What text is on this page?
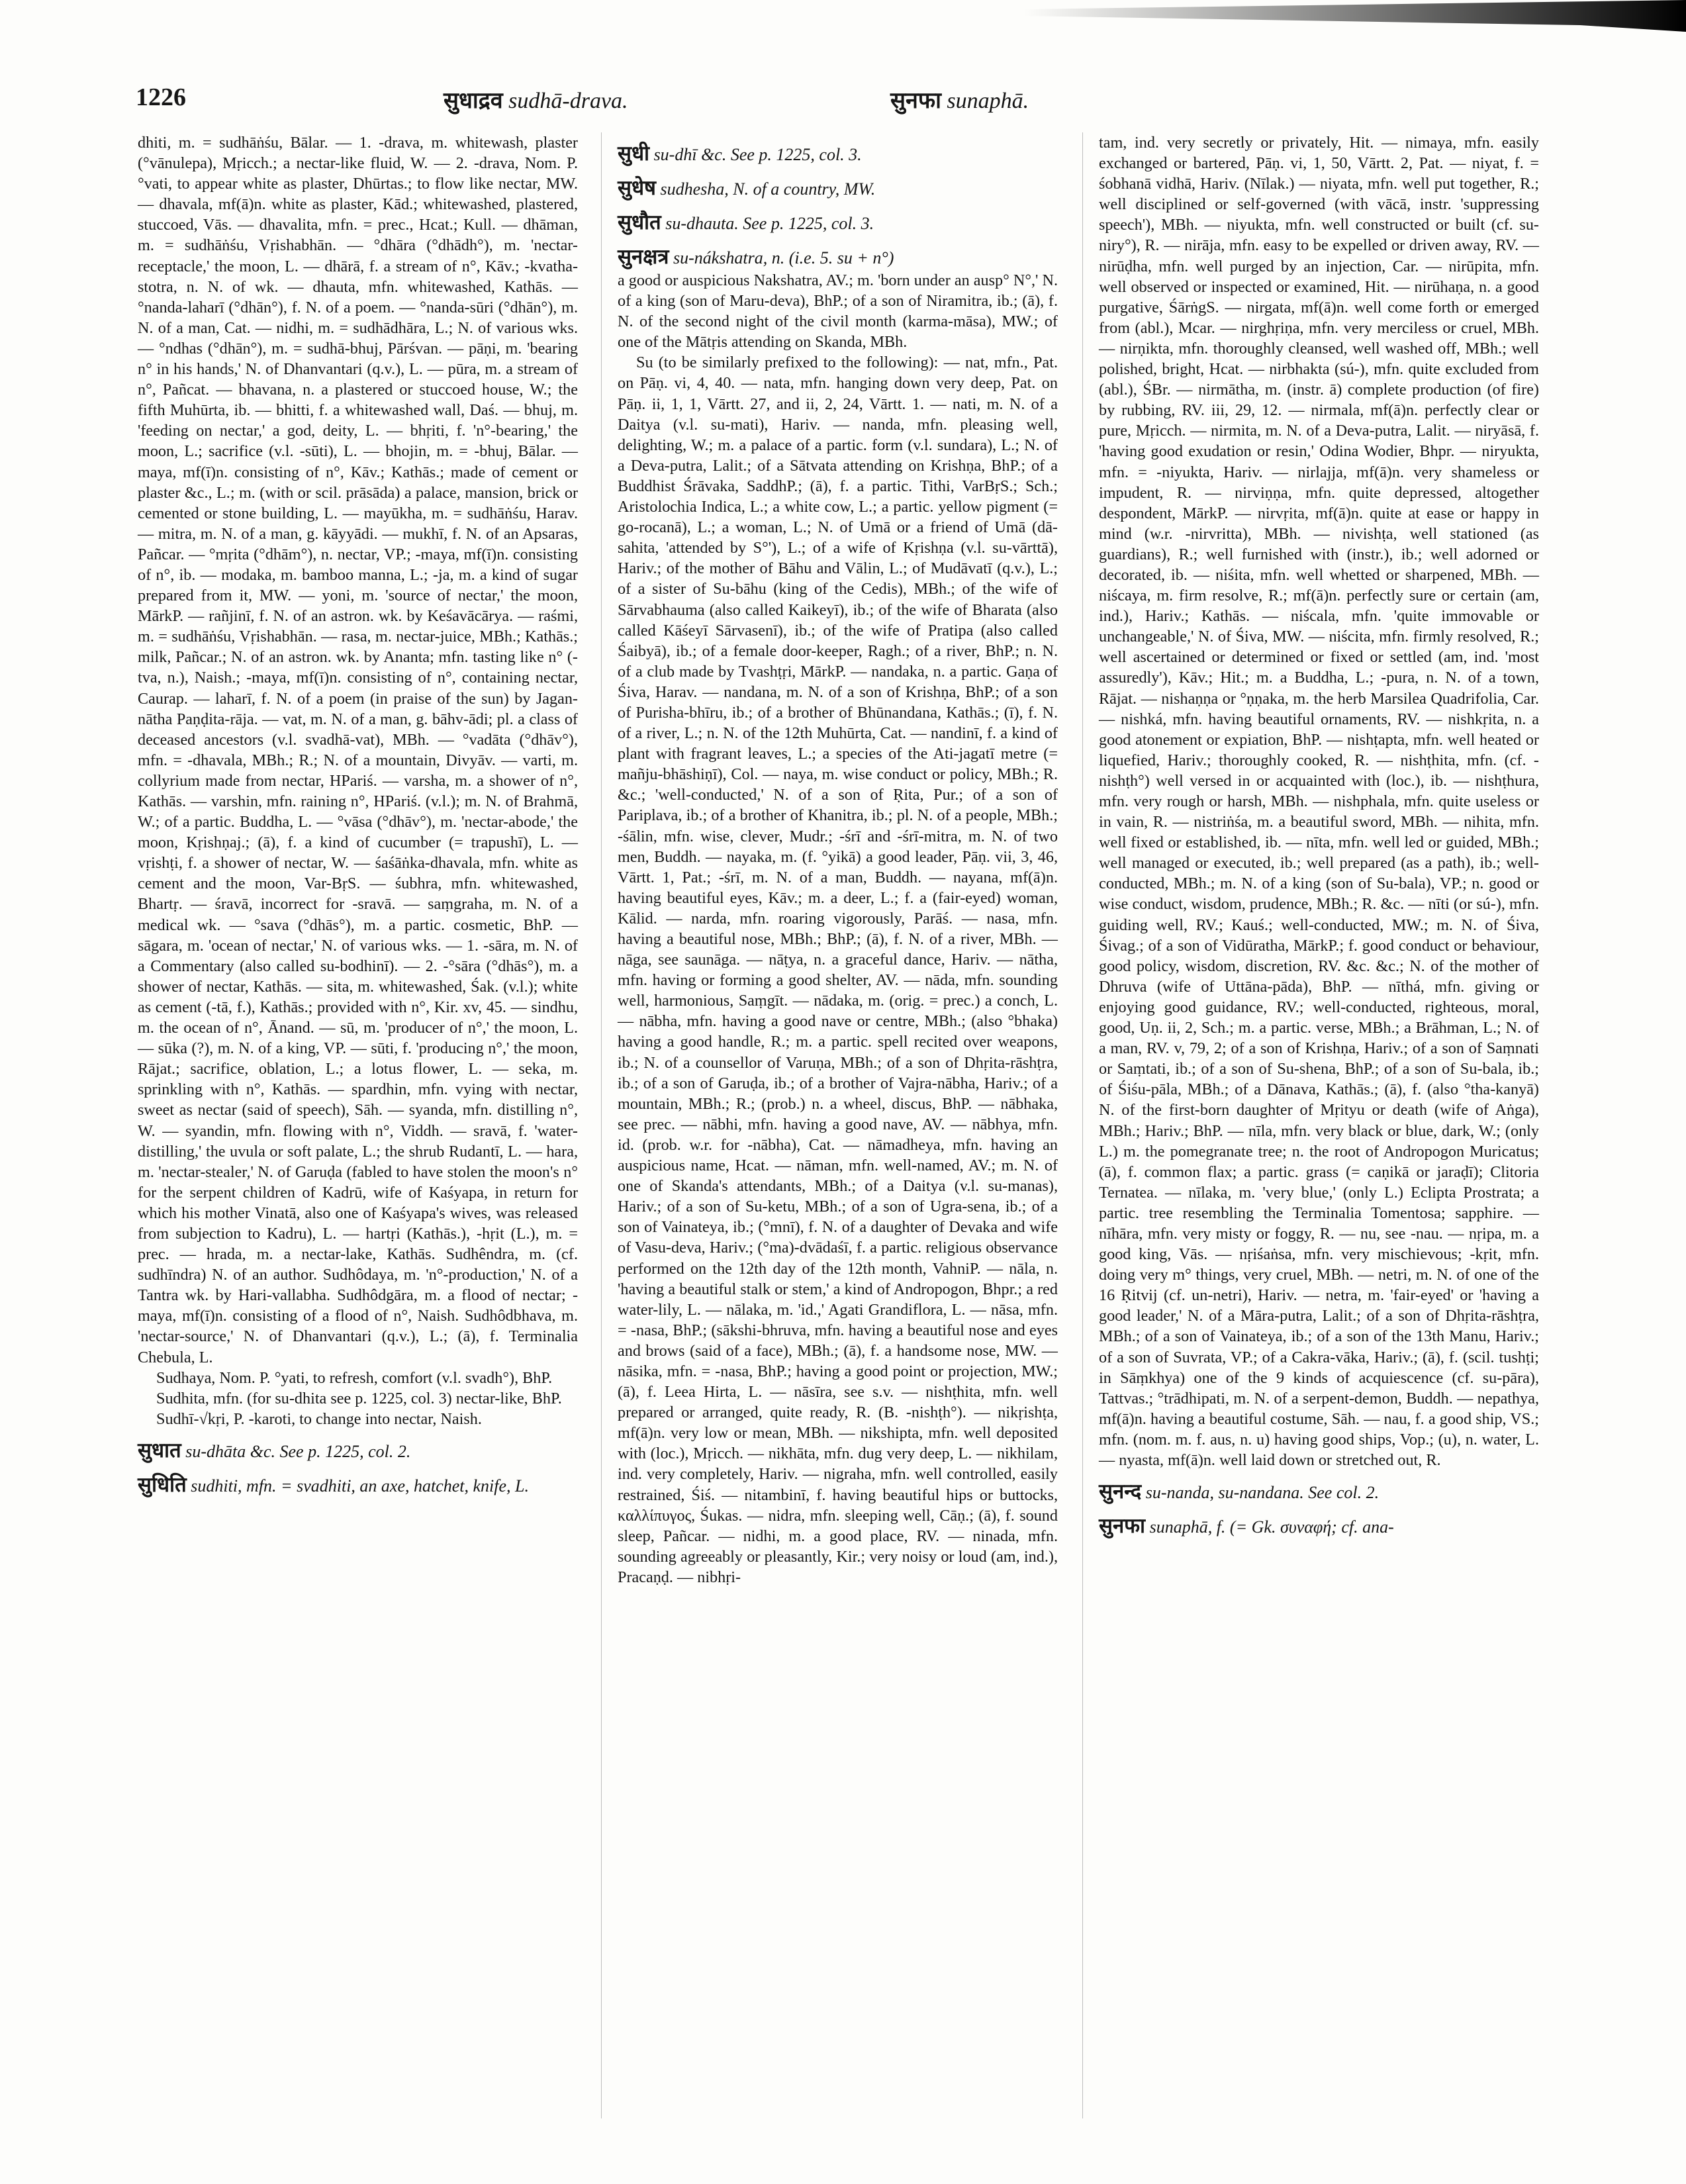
1226	सुधाद्रव sudhā-drava.	सुनफा sunaphā.

dhiti, m. = sudhāṅśu, Bālar. — 1. -drava, m. whitewash, plaster (°vānulepa), Mṛicch.; a nectar-like fluid, W. — 2. -drava, Nom. P. °vati, to appear white as plaster, Dhūrtas.; to flow like nectar, MW. — dhavala, mf(ā)n. white as plaster, Kād.; whitewashed, plastered, stuccoed, Vās. — dhavalita, mfn. = prec., Hcat.; Kull. — dhāman, m. = sudhāṅśu, Vṛishabhān. — °dhāra (°dhādh°), m. 'nectar-receptacle,' the moon, L. — dhārā, f. a stream of n°, Kāv.; -kvatha-stotra, n. N. of wk. — dhauta, mfn. whitewashed, Kathās. — °nanda-laharī (°dhān°), f. N. of a poem. — °nanda-sūri (°dhān°), m. N. of a man, Cat. — nidhi, m. = sudhādhāra, L.; N. of various wks. — °ndhas (°dhān°), m. = sudhā-bhuj, Pārśvan. — pāṇi, m. 'bearing n° in his hands,' N. of Dhanvantari (q.v.), L. — pūra, m. a stream of n°, Pañcat. — bhavana, n. a plastered or stuccoed house, W.; the fifth Muhūrta, ib. — bhitti, f. a whitewashed wall, Daś. — bhuj, m. 'feeding on nectar,' a god, deity, L. — bhṛiti, f. 'n°-bearing,' the moon, L.; sacrifice (v.l. -sūti), L. — bhojin, m. = -bhuj, Bālar. — maya, mf(ī)n. consisting of n°, Kāv.; Kathās.; made of cement or plaster &c., L.; m. (with or scil. prāsāda) a palace, mansion, brick or cemented or stone building, L. — mayūkha, m. = sudhāṅśu, Harav. — mitra, m. N. of a man, g. kāyyādi. — mukhī, f. N. of an Apsaras, Pañcar. — °mṛita (°dhām°), n. nectar, VP.; -maya, mf(ī)n. consisting of n°, ib. — modaka, m. bamboo manna, L.; -ja, m. a kind of sugar prepared from it, MW. — yoni, m. 'source of nectar,' the moon, MārkP. — rañjinī, f. N. of an astron. wk. by Keśavācārya. — raśmi, m. = sudhāṅśu, Vṛishabhān. — rasa, m. nectar-juice, MBh.; Kathās.; milk, Pañcar.; N. of an astron. wk. by Ananta; mfn. tasting like n° (-tva, n.), Naish.; -maya, mf(ī)n. consisting of n°, containing nectar, Caurap. — laharī, f. N. of a poem (in praise of the sun) by Jagan-nātha Paṇḍita-rāja. — vat, m. N. of a man, g. bāhv-ādi; pl. a class of deceased ancestors (v.l. svadhā-vat), MBh. — °vadāta (°dhāv°), mfn. = -dhavala, MBh.; R.; N. of a mountain, Divyāv. — varti, m. collyrium made from nectar, HPariś. — varsha, m. a shower of n°, Kathās. — varshin, mfn. raining n°, HPariś. (v.l.); m. N. of Brahmā, W.; of a partic. Buddha, L. — °vāsa (°dhāv°), m. 'nectar-abode,' the moon, Kṛishṇaj.; (ā), f. a kind of cucumber (= trapushī), L. — vṛishṭi, f. a shower of nectar, W. — śaśāṅka-dhavala, mfn. white as cement and the moon, Var-BṛS. — śubhra, mfn. whitewashed, Bhartṛ. — śravā, incorrect for -sravā. — saṃgraha, m. N. of a medical wk. — °sava (°dhās°), m. a partic. cosmetic, BhP. — sāgara, m. 'ocean of nectar,' N. of various wks. — 1. -sāra, m. N. of a Commentary (also called su-bodhinī). — 2. -°sāra (°dhās°), m. a shower of nectar, Kathās. — sita, m. whitewashed, Śak. (v.l.); white as cement (-tā, f.), Kathās.; provided with n°, Kir. xv, 45. — sindhu, m. the ocean of n°, Ānand. — sū, m. 'producer of n°,' the moon, L. — sūka (?), m. N. of a king, VP. — sūti, f. 'producing n°,' the moon, Rājat.; sacrifice, oblation, L.; a lotus flower, L. — seka, m. sprinkling with n°, Kathās. — spardhin, mfn. vying with nectar, sweet as nectar (said of speech), Sāh. — syanda, mfn. distilling n°, W. — syandin, mfn. flowing with n°, Viddh. — sravā, f. 'water-distilling,' the uvula or soft palate, L.; the shrub Rudantī, L. — hara, m. 'nectar-stealer,' N. of Garuḍa (fabled to have stolen the moon's n° for the serpent children of Kadrū, wife of Kaśyapa, in return for which his mother Vinatā, also one of Kaśyapa's wives, was released from subjection to Kadru), L. — hartṛi (Kathās.), -hṛit (L.), m. = prec. — hrada, m. a nectar-lake, Kathās. Sudhêndra, m. (cf. sudhīndra) N. of an author. Sudhôdaya, m. 'n°-production,' N. of a Tantra wk. by Hari-vallabha. Sudhôdgāra, m. a flood of nectar; -maya, mf(ī)n. consisting of a flood of n°, Naish. Sudhôdbhava, m. 'nectar-source,' N. of Dhanvantari (q.v.), L.; (ā), f. Terminalia Chebula, L.

Sudhaya, Nom. P. °yati, to refresh, comfort (v.l. svadh°), BhP.

Sudhita, mfn. (for su-dhita see p. 1225, col. 3) nectar-like, BhP.

Sudhī-√kṛi, P. -karoti, to change into nectar, Naish.

सुधात su-dhāta &c. See p. 1225, col. 2.

सुधिति sudhiti, mfn. = svadhiti, an axe, hatchet, knife, L.

सुधी su-dhī &c. See p. 1225, col. 3.

सुधेष sudhesha, N. of a country, MW.

सुधौत su-dhauta. See p. 1225, col. 3.

सुनक्षत्र su-nákshatra, n. (i.e. 5. su + n°)

a good or auspicious Nakshatra, AV.; m. 'born under an ausp° N°,' N. of a king (son of Maru-deva), BhP.; of a son of Niramitra, ib.; (ā), f. N. of the second night of the civil month (karma-māsa), MW.; of one of the Mātṛis attending on Skanda, MBh.

Su (to be similarly prefixed to the following): — nat, mfn., Pat. on Pāṇ. vi, 4, 40. — nata, mfn. hanging down very deep, Pat. on Pāṇ. ii, 1, 1, Vārtt. 27, and ii, 2, 24, Vārtt. 1. — nati, m. N. of a Daitya (v.l. su-mati), Hariv. — nanda, mfn. pleasing well, delighting, W.; m. a palace of a partic. form (v.l. sundara), L.; N. of a Deva-putra, Lalit.; of a Sātvata attending on Krishṇa, BhP.; of a Buddhist Śrāvaka, SaddhP.; (ā), f. a partic. Tithi, VarBṛS.; Sch.; Aristolochia Indica, L.; a white cow, L.; a partic. yellow pigment (= go-rocanā), L.; a woman, L.; N. of Umā or a friend of Umā (dā-sahita, 'attended by S°'), L.; of a wife of Kṛishṇa (v.l. su-vārttā), Hariv.; of the mother of Bāhu and Vālin, L.; of Mudāvatī (q.v.), L.; of a sister of Su-bāhu (king of the Cedis), MBh.; of the wife of Sārvabhauma (also called Kaikeyī), ib.; of the wife of Bharata (also called Kāśeyī Sārvasenī), ib.; of the wife of Pratipa (also called Śaibyā), ib.; of a female door-keeper, Ragh.; of a river, BhP.; n. N. of a club made by Tvashṭṛi, MārkP. — nandaka, n. a partic. Gaṇa of Śiva, Harav. — nandana, m. N. of a son of Krishṇa, BhP.; of a son of Purisha-bhīru, ib.; of a brother of Bhūnandana, Kathās.; (ī), f. N. of a river, L.; n. N. of the 12th Muhūrta, Cat. — nandinī, f. a kind of plant with fragrant leaves, L.; a species of the Ati-jagatī metre (= mañju-bhāshiṇī), Col. — naya, m. wise conduct or policy, MBh.; R. &c.; 'well-conducted,' N. of a son of Ṛita, Pur.; of a son of Pariplava, ib.; of a brother of Khanitra, ib.; pl. N. of a people, MBh.; -śālin, mfn. wise, clever, Mudr.; -śrī and -śrī-mitra, m. N. of two men, Buddh. — nayaka, m. (f. °yikā) a good leader, Pāṇ. vii, 3, 46, Vārtt. 1, Pat.; -śrī, m. N. of a man, Buddh. — nayana, mf(ā)n. having beautiful eyes, Kāv.; m. a deer, L.; f. a (fair-eyed) woman, Kālid. — narda, mfn. roaring vigorously, Parāś. — nasa, mfn. having a beautiful nose, MBh.; BhP.; (ā), f. N. of a river, MBh. — nāga, see saunāga. — nāṭya, n. a graceful dance, Hariv. — nātha, mfn. having or forming a good shelter, AV. — nāda, mfn. sounding well, harmonious, Saṃgīt. — nādaka, m. (orig. = prec.) a conch, L. — nābha, mfn. having a good nave or centre, MBh.; (also °bhaka) having a good handle, R.; m. a partic. spell recited over weapons, ib.; N. of a counsellor of Varuṇa, MBh.; of a son of Dhṛita-rāshṭra, ib.; of a son of Garuḍa, ib.; of a brother of Vajra-nābha, Hariv.; of a mountain, MBh.; R.; (prob.) n. a wheel, discus, BhP. — nābhaka, see prec. — nābhi, mfn. having a good nave, AV. — nābhya, mfn. id. (prob. w.r. for -nābha), Cat. — nāmadheya, mfn. having an auspicious name, Hcat. — nāman, mfn. well-named, AV.; m. N. of one of Skanda's attendants, MBh.; of a Daitya (v.l. su-manas), Hariv.; of a son of Su-ketu, MBh.; of a son of Ugra-sena, ib.; of a son of Vainateya, ib.; (°mnī), f. N. of a daughter of Devaka and wife of Vasu-deva, Hariv.; (°ma)-dvādaśī, f. a partic. religious observance performed on the 12th day of the 12th month, VahniP. — nāla, n. 'having a beautiful stalk or stem,' a kind of Andropogon, Bhpr.; a red water-lily, L. — nālaka, m. 'id.,' Agati Grandiflora, L. — nāsa, mfn. = -nasa, BhP.; (sākshi-bhruva, mfn. having a beautiful nose and eyes and brows (said of a face), MBh.; (ā), f. a handsome nose, MW. — nāsika, mfn. = -nasa, BhP.; having a good point or projection, MW.; (ā), f. Leea Hirta, L. — nāsīra, see s.v. — nishṭhita, mfn. well prepared or arranged, quite ready, R. (B. -nishṭh°). — nikṛishṭa, mf(ā)n. very low or mean, MBh. — nikshipta, mfn. well deposited with (loc.), Mṛicch. — nikhāta, mfn. dug very deep, L. — nikhilam, ind. very completely, Hariv. — nigraha, mfn. well controlled, easily restrained, Śiś. — nitambinī, f. having beautiful hips or buttocks, καλλίπυγος, Śukas. — nidra, mfn. sleeping well, Cāṇ.; (ā), f. sound sleep, Pañcar. — nidhi, m. a good place, RV. — ninada, mfn. sounding agreeably or pleasantly, Kir.; very noisy or loud (am, ind.), Pracaṇḍ. — nibhṛi-

tam, ind. very secretly or privately, Hit. — nimaya, mfn. easily exchanged or bartered, Pāṇ. vi, 1, 50, Vārtt. 2, Pat. — niyat, f. = śobhanā vidhā, Hariv. (Nīlak.) — niyata, mfn. well put together, R.; well disciplined or self-governed (with vācā, instr. 'suppressing speech'), MBh. — niyukta, mfn. well constructed or built (cf. su-niry°), R. — nirāja, mfn. easy to be expelled or driven away, RV. — nirūḍha, mfn. well purged by an injection, Car. — nirūpita, mfn. well observed or inspected or examined, Hit. — nirūhaṇa, n. a good purgative, ŚārṅgS. — nirgata, mf(ā)n. well come forth or emerged from (abl.), Mcar. — nirghṛiṇa, mfn. very merciless or cruel, MBh. — nirṇikta, mfn. thoroughly cleansed, well washed off, MBh.; well polished, bright, Hcat. — nirbhakta (sú-), mfn. quite excluded from (abl.), ŚBr. — nirmātha, m. (instr. ā) complete production (of fire) by rubbing, RV. iii, 29, 12. — nirmala, mf(ā)n. perfectly clear or pure, Mṛicch. — nirmita, m. N. of a Deva-putra, Lalit. — niryāsā, f. 'having good exudation or resin,' Odina Wodier, Bhpr. — niryukta, mfn. = -niyukta, Hariv. — nirlajja, mf(ā)n. very shameless or impudent, R. — nirviṇṇa, mfn. quite depressed, altogether despondent, MārkP. — nirvṛita, mf(ā)n. quite at ease or happy in mind (w.r. -nirvritta), MBh. — nivishṭa, well stationed (as guardians), R.; well furnished with (instr.), ib.; well adorned or decorated, ib. — niśita, mfn. well whetted or sharpened, MBh. — niścaya, m. firm resolve, R.; mf(ā)n. perfectly sure or certain (am, ind.), Hariv.; Kathās. — niścala, mfn. 'quite immovable or unchangeable,' N. of Śiva, MW. — niścita, mfn. firmly resolved, R.; well ascertained or determined or fixed or settled (am, ind. 'most assuredly'), Kāv.; Hit.; m. a Buddha, L.; -pura, n. N. of a town, Rājat. — nishaṇṇa or °ṇṇaka, m. the herb Marsilea Quadrifolia, Car. — nishká, mfn. having beautiful ornaments, RV. — nishkṛita, n. a good atonement or expiation, BhP. — nishṭapta, mfn. well heated or liquefied, Hariv.; thoroughly cooked, R. — nishṭhita, mfn. (cf. -nishṭh°) well versed in or acquainted with (loc.), ib. — nishṭhura, mfn. very rough or harsh, MBh. — nishphala, mfn. quite useless or in vain, R. — nistriṅśa, m. a beautiful sword, MBh. — nihita, mfn. well fixed or established, ib. — nīta, mfn. well led or guided, MBh.; well managed or executed, ib.; well prepared (as a path), ib.; well-conducted, MBh.; m. N. of a king (son of Su-bala), VP.; n. good or wise conduct, wisdom, prudence, MBh.; R. &c. — nīti (or sú-), mfn. guiding well, RV.; Kauś.; well-conducted, MW.; m. N. of Śiva, Śivag.; of a son of Vidūratha, MārkP.; f. good conduct or behaviour, good policy, wisdom, discretion, RV. &c. &c.; N. of the mother of Dhruva (wife of Uttāna-pāda), BhP. — nīthá, mfn. giving or enjoying good guidance, RV.; well-conducted, righteous, moral, good, Uṇ. ii, 2, Sch.; m. a partic. verse, MBh.; a Brāhman, L.; N. of a man, RV. v, 79, 2; of a son of Krishṇa, Hariv.; of a son of Saṃnati or Saṃtati, ib.; of a son of Su-shena, BhP.; of a son of Su-bala, ib.; of Śiśu-pāla, MBh.; of a Dānava, Kathās.; (ā), f. (also °tha-kanyā) N. of the first-born daughter of Mṛityu or death (wife of Aṅga), MBh.; Hariv.; BhP. — nīla, mfn. very black or blue, dark, W.; (only L.) m. the pomegranate tree; n. the root of Andropogon Muricatus; (ā), f. common flax; a partic. grass (= caṇikā or jaraḍī); Clitoria Ternatea. — nīlaka, m. 'very blue,' (only L.) Eclipta Prostrata; a partic. tree resembling the Terminalia Tomentosa; sapphire. — nīhāra, mfn. very misty or foggy, R. — nu, see -nau. — nṛipa, m. a good king, Vās. — nṛiśaṅsa, mfn. very mischievous; -kṛit, mfn. doing very m° things, very cruel, MBh. — netri, m. N. of one of the 16 Ṛitvij (cf. un-netri), Hariv. — netra, m. 'fair-eyed' or 'having a good leader,' N. of a Māra-putra, Lalit.; of a son of Dhṛita-rāshṭra, MBh.; of a son of Vainateya, ib.; of a son of the 13th Manu, Hariv.; of a son of Suvrata, VP.; of a Cakra-vāka, Hariv.; (ā), f. (scil. tushṭi; in Sāṃkhya) one of the 9 kinds of acquiescence (cf. su-pāra), Tattvas.; °trādhipati, m. N. of a serpent-demon, Buddh. — nepathya, mf(ā)n. having a beautiful costume, Sāh. — nau, f. a good ship, VS.; mfn. (nom. m. f. aus, n. u) having good ships, Vop.; (u), n. water, L. — nyasta, mf(ā)n. well laid down or stretched out, R.

सुनन्द su-nanda, su-nandana. See col. 2.

सुनफा sunaphā, f. (= Gk. συναφή; cf. ana-
